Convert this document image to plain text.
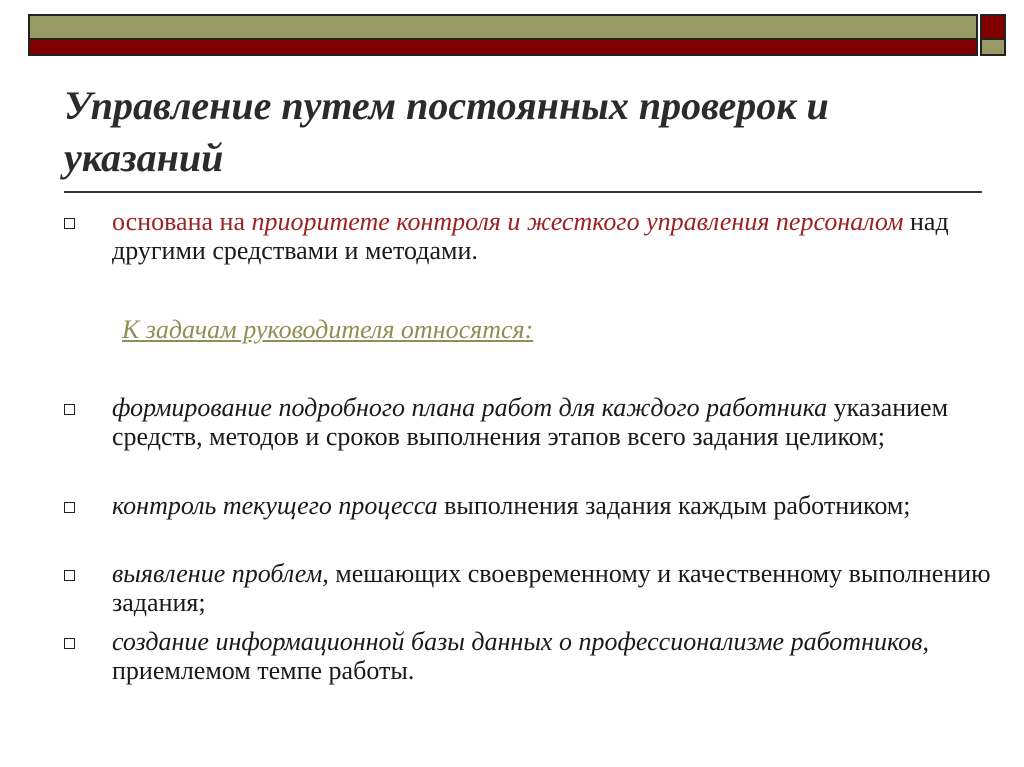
Управление путем постоянных проверок и указаний
основана на приоритете контроля и жесткого управления персоналом над другими средствами и методами.
К задачам руководителя относятся:
формирование подробного плана работ для каждого работника указанием средств, методов и сроков выполнения этапов всего задания целиком;
контроль текущего процесса выполнения задания каждым работником;
выявление проблем, мешающих своевременному и качественному выполнению задания;
создание информационной базы данных о профессионализме работников, приемлемом темпе работы.
